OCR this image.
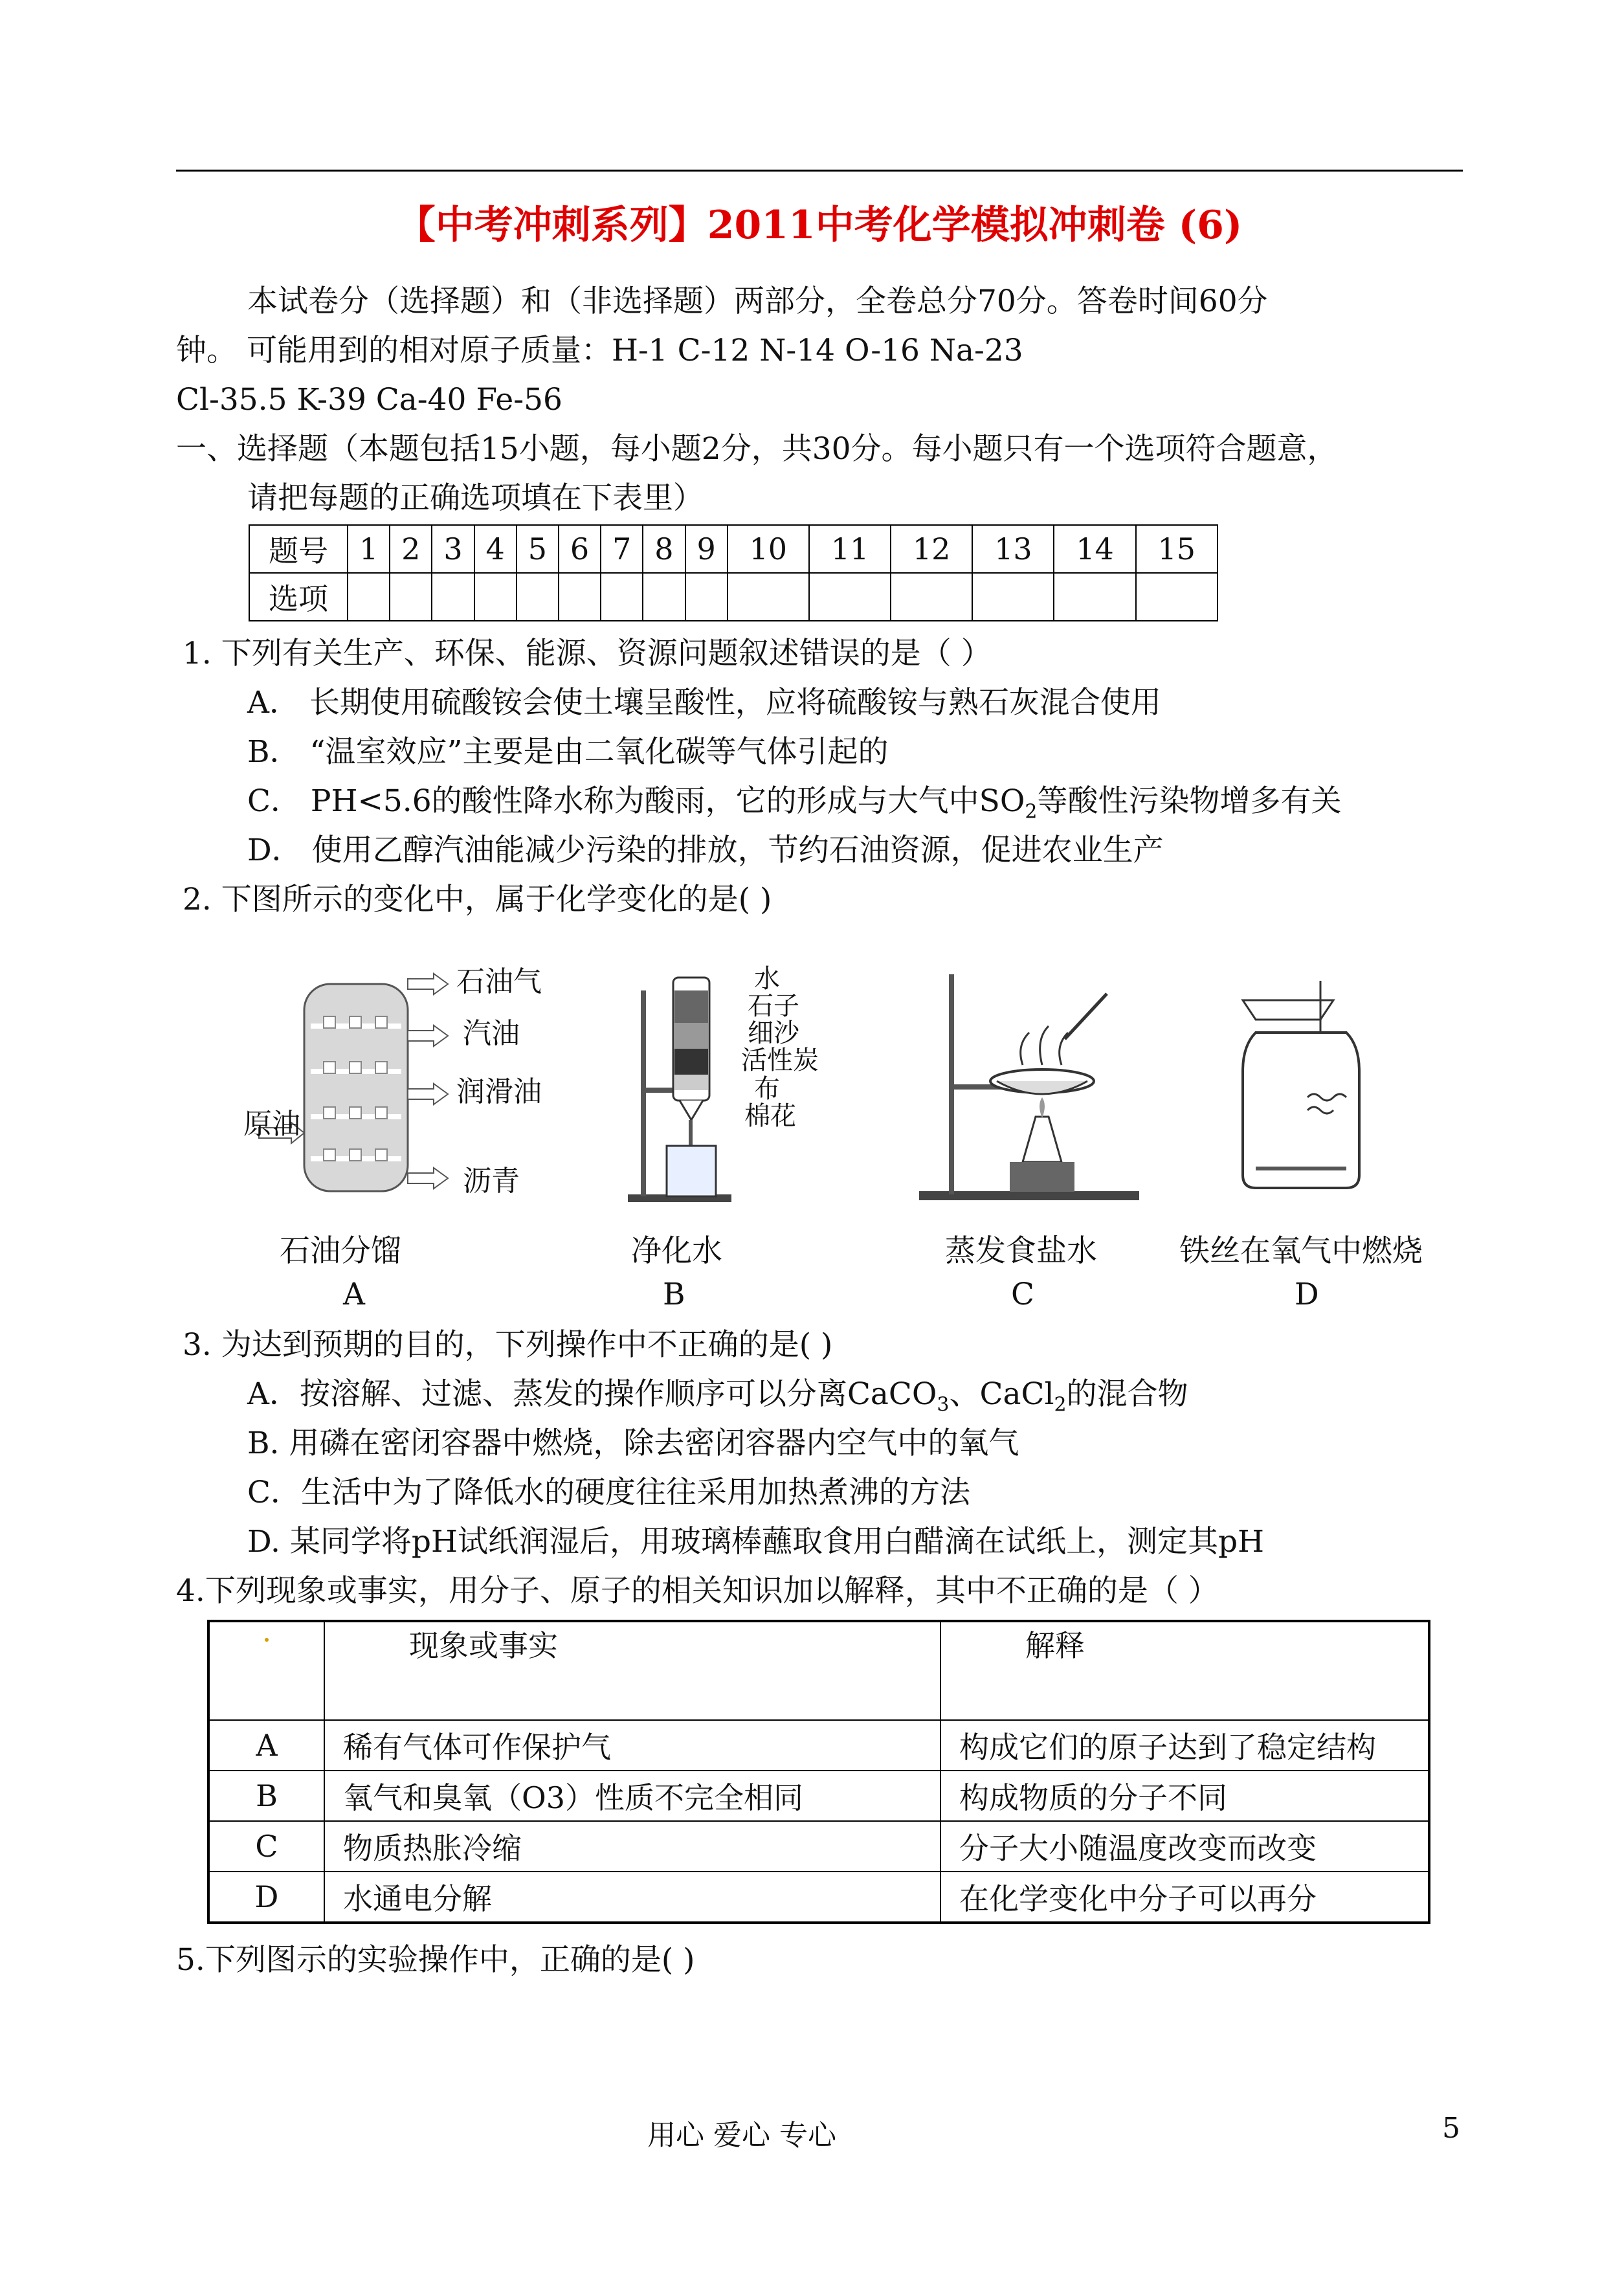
【中考冲刺系列】2011中考化学模拟冲刺卷 (6)
本试卷分（选择题）和（非选择题）两部分，全卷总分70分。答卷时间60分
钟。 可能用到的相对原子质量：H-1 C-12 N-14 O-16 Na-23
Cl-35.5 K-39 Ca-40 Fe-56
一、选择题（本题包括15小题，每小题2分，共30分。每小题只有一个选项符合题意，
请把每题的正确选项填在下表里）
题号	1	2	3	4	5	6	7	8	9	10	11	12	13	14	15
选项															
1. 下列有关生产、环保、能源、资源问题叙述错误的是（ ）
A． 长期使用硫酸铵会使土壤呈酸性，应将硫酸铵与熟石灰混合使用
B． “温室效应”主要是由二氧化碳等气体引起的
C． PH<5.6的酸性降水称为酸雨，它的形成与大气中$SO_2$等酸性污染物增多有关
D． 使用乙醇汽油能减少污染的排放，节约石油资源，促进农业生产
2. 下图所示的变化中，属于化学变化的是( )
石油气
汽油
润滑油
沥青
原油
水
石子
细沙
活性炭
布
棉花
石油分馏
A
净化水
B
蒸发食盐水
C
铁丝在氧气中燃烧
D
3. 为达到预期的目的，下列操作中不正确的是( )
A．按溶解、过滤、蒸发的操作顺序可以分离CaCO$_3$、CaCl$_2$的混合物
B. 用磷在密闭容器中燃烧，除去密闭容器内空气中的氧气
C．生活中为了降低水的硬度往往采用加热煮沸的方法
D. 某同学将pH试纸润湿后，用玻璃棒蘸取食用白醋滴在试纸上，测定其pH
4.下列现象或事实，用分子、原子的相关知识加以解释，其中不正确的是（ ）
·	现象或事实	解释
A	稀有气体可作保护气	构成它们的原子达到了稳定结构
B	氧气和臭氧（O3）性质不完全相同	构成物质的分子不同
C	物质热胀冷缩	分子大小随温度改变而改变
D	水通电分解	在化学变化中分子可以再分
5.下列图示的实验操作中，正确的是( )
用心 爱心 专心	5
